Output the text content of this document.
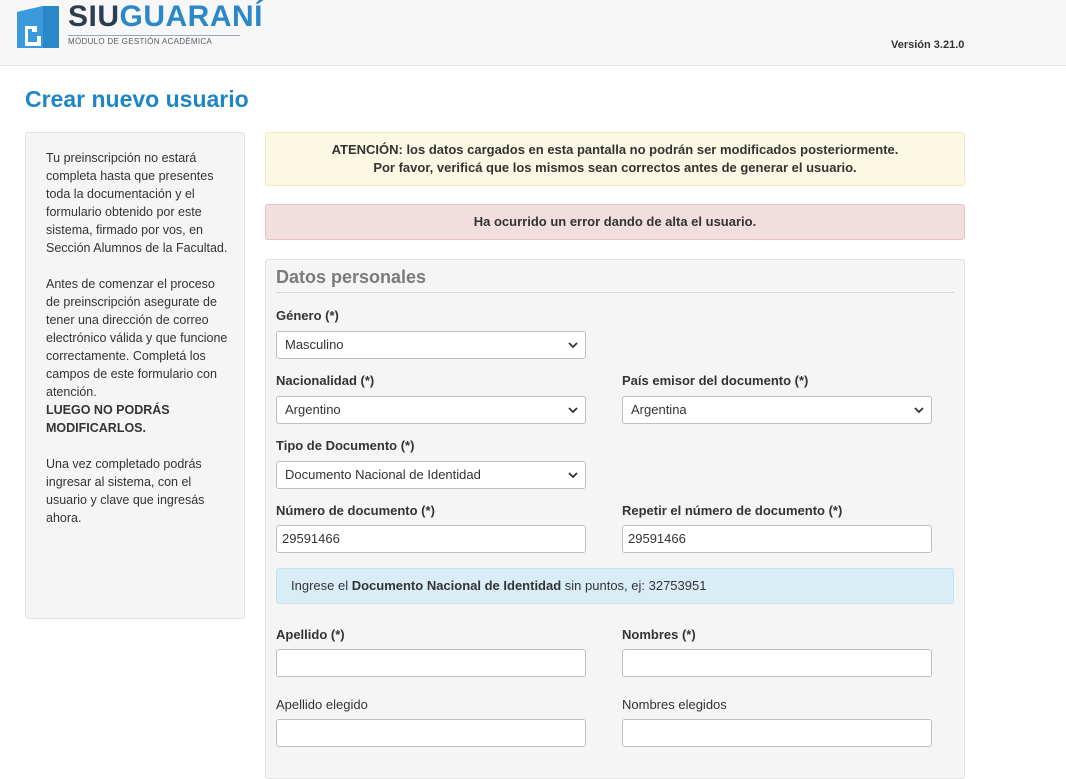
SIUGUARANÍ
MÓDULO DE GESTIÓN ACADÉMICA	Versión 3.21.0
Crear nuevo usuario

Tu preinscripción no estará completa hasta que presentes toda la documentación y el formulario obtenido por este sistema, firmado por vos, en Sección Alumnos de la Facultad.

Antes de comenzar el proceso de preinscripción asegurate de tener una dirección de correo electrónico válida y que funcione correctamente. Completá los campos de este formulario con atención.
LUEGO NO PODRÁS MODIFICARLOS.

Una vez completado podrás ingresar al sistema, con el usuario y clave que ingresás ahora.

ATENCIÓN: los datos cargados en esta pantalla no podrán ser modificados posteriormente.
Por favor, verificá que los mismos sean correctos antes de generar el usuario.
Ha ocurrido un error dando de alta el usuario.
Datos personales
Género (*)
Masculino
Nacionalidad (*)
Argentino
País emisor del documento (*)
Argentina
Tipo de Documento (*)
Documento Nacional de Identidad
Número de documento (*)
29591466
Repetir el número de documento (*)
29591466
Ingrese el Documento Nacional de Identidad sin puntos, ej: 32753951
Apellido (*)	Nombres (*)
Apellido elegido	Nombres elegidos
